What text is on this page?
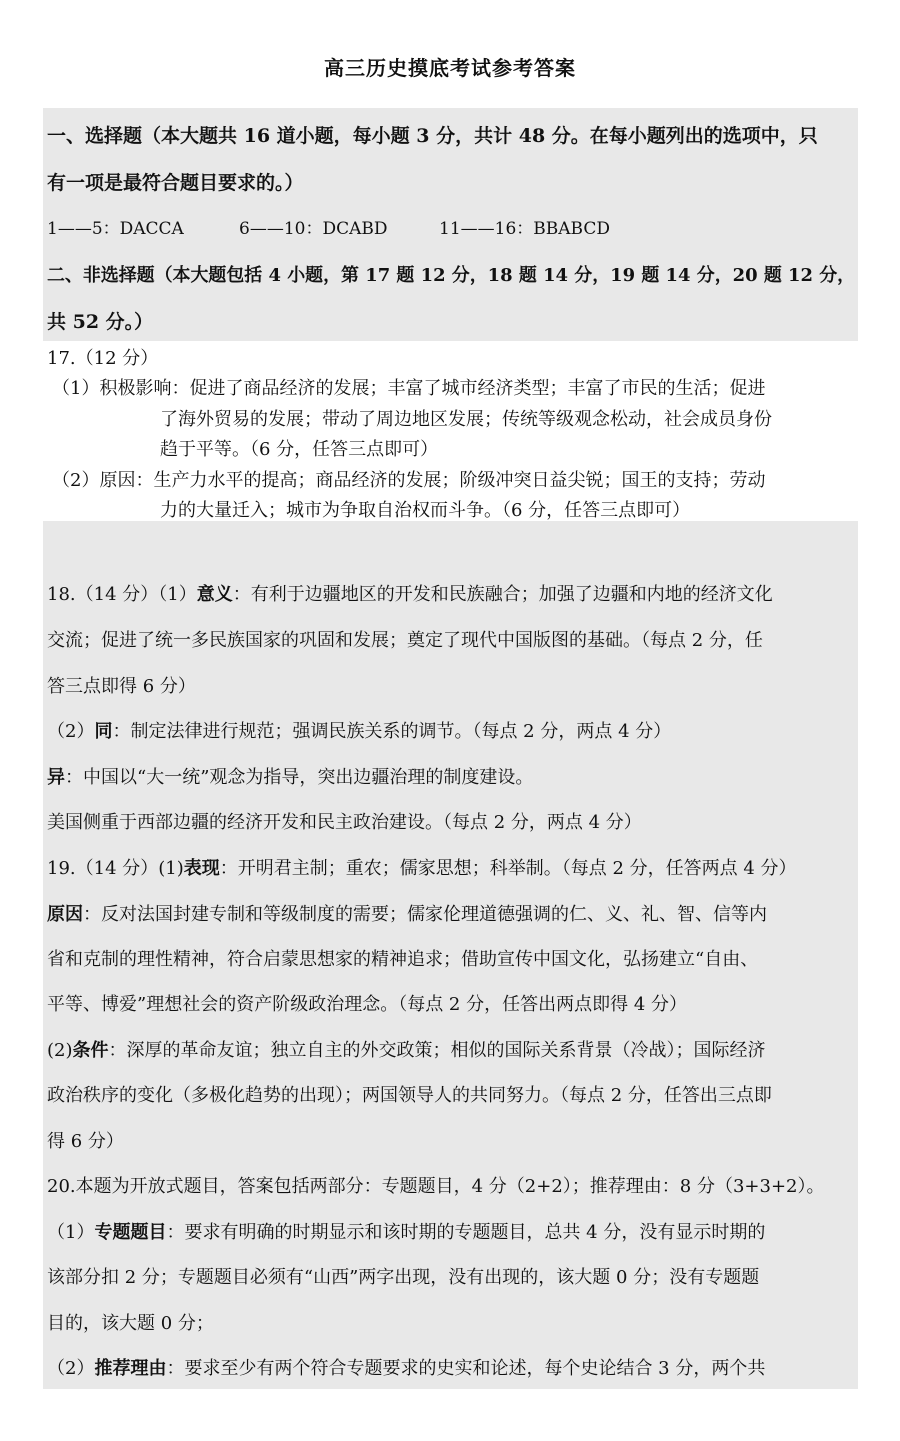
高三历史摸底考试参考答案
一、选择题（本大题共 16 道小题，每小题 3 分，共计 48 分。在每小题列出的选项中，只
有一项是最符合题目要求的。）
1——5：DACCA	6——10：DCABD	11——16：BBABCD
二、非选择题（本大题包括 4 小题，第 17 题 12 分，18 题 14 分，19 题 14 分，20 题 12 分，
共 52 分。）
17.（12 分）
（1）积极影响：促进了商品经济的发展；丰富了城市经济类型；丰富了市民的生活；促进
了海外贸易的发展；带动了周边地区发展；传统等级观念松动，社会成员身份
趋于平等。（6 分，任答三点即可）
（2）原因：生产力水平的提高；商品经济的发展；阶级冲突日益尖锐；国王的支持；劳动
力的大量迁入；城市为争取自治权而斗争。（6 分，任答三点即可）
18.（14 分）（1）意义：有利于边疆地区的开发和民族融合；加强了边疆和内地的经济文化
交流；促进了统一多民族国家的巩固和发展；奠定了现代中国版图的基础。（每点 2 分，任
答三点即得 6 分）
（2）同：制定法律进行规范；强调民族关系的调节。（每点 2 分，两点 4 分）
异：中国以“大一统”观念为指导，突出边疆治理的制度建设。
美国侧重于西部边疆的经济开发和民主政治建设。（每点 2 分，两点 4 分）
19.（14 分）(1)表现：开明君主制；重农；儒家思想；科举制。（每点 2 分，任答两点 4 分）
原因：反对法国封建专制和等级制度的需要；儒家伦理道德强调的仁、义、礼、智、信等内
省和克制的理性精神，符合启蒙思想家的精神追求；借助宣传中国文化，弘扬建立“自由、
平等、博爱”理想社会的资产阶级政治理念。（每点 2 分，任答出两点即得 4 分）
(2)条件：深厚的革命友谊；独立自主的外交政策；相似的国际关系背景（冷战）；国际经济
政治秩序的变化（多极化趋势的出现）；两国领导人的共同努力。（每点 2 分，任答出三点即
得 6 分）
20.本题为开放式题目，答案包括两部分：专题题目，4 分（2+2）；推荐理由：8 分（3+3+2）。
（1）专题题目：要求有明确的时期显示和该时期的专题题目，总共 4 分，没有显示时期的
该部分扣 2 分；专题题目必须有“山西”两字出现，没有出现的，该大题 0 分；没有专题题
目的，该大题 0 分；
（2）推荐理由：要求至少有两个符合专题要求的史实和论述，每个史论结合 3 分，两个共
